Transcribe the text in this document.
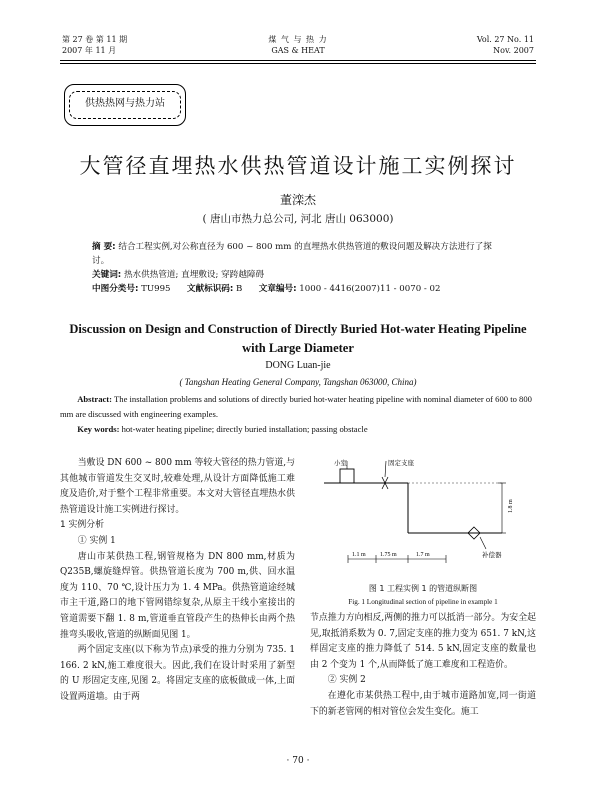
第 27 卷 第 11 期
2007 年 11 月
煤 气 与 热 力
GAS & HEAT
Vol. 27 No. 11
Nov. 2007
供热热网与热力站
大管径直埋热水供热管道设计施工实例探讨
董滦杰
( 唐山市热力总公司, 河北 唐山 063000)

摘 要: 结合工程实例,对公称直径为 600 ~ 800 mm 的直埋热水供热管道的敷设问题及解决方法进行了探讨。

关键词: 热水供热管道; 直埋敷设; 穿跨越障碍

中图分类号: TU995 文献标识码: B 文章编号: 1000 - 4416(2007)11 - 0070 - 02

Discussion on Design and Construction of Directly Buried Hot-water Heating Pipeline with Large Diameter
DONG Luan-jie
( Tangshan Heating General Company, Tangshan 063000, China)

Abstract: The installation problems and solutions of directly buried hot-water heating pipeline with nominal diameter of 600 to 800 mm are discussed with engineering examples.

Key words: hot-water heating pipeline; directly buried installation; passing obstacle

当敷设 DN 600 ~ 800 mm 等较大管径的热力管道,与其他城市管道发生交叉时,较难处理,从设计方面降低施工难度及造价,对于整个工程非常重要。本文对大管径直埋热水供热管道设计施工实例进行探讨。

1 实例分析

① 实例 1

唐山市某供热工程,钢管规格为 DN 800 mm,材质为 Q235B,螺旋缝焊管。供热管道长度为 700 m,供、回水温度为 110、70 ℃,设计压力为 1. 4 MPa。供热管道途经城市主干道,路口的地下管网错综复杂,从原主干线小室接出的管道需要下翻 1. 8 m,管道垂直管段产生的热伸长由两个热推弯头吸收,管道的纵断面见图 1。

两个固定支座(以下称为节点)承受的推力分别为 735. 1 166. 2 kN,施工难度很大。因此,我们在设计时采用了新型的 U 形固定支座,见图 2。将固定支座的底板做成一体,上面设置两道墙。由于两

小室	固定支座
补偿器
1.1 m 1.75 m	1.7 m
1.8 m
图 1 工程实例 1 的管道纵断图
Fig. 1 Longitudinal section of pipeline in example 1

节点推力方向相反,两侧的推力可以抵消一部分。为安全起见,取抵消系数为 0. 7,固定支座的推力变为 651. 7 kN,这样固定支座的推力降低了 514. 5 kN,固定支座的数量也由 2 个变为 1 个,从而降低了施工难度和工程造价。

② 实例 2

在遵化市某供热工程中,由于城市道路加宽,同一街道下的新老管网的相对管位会发生变化。施工

· 70 ·
